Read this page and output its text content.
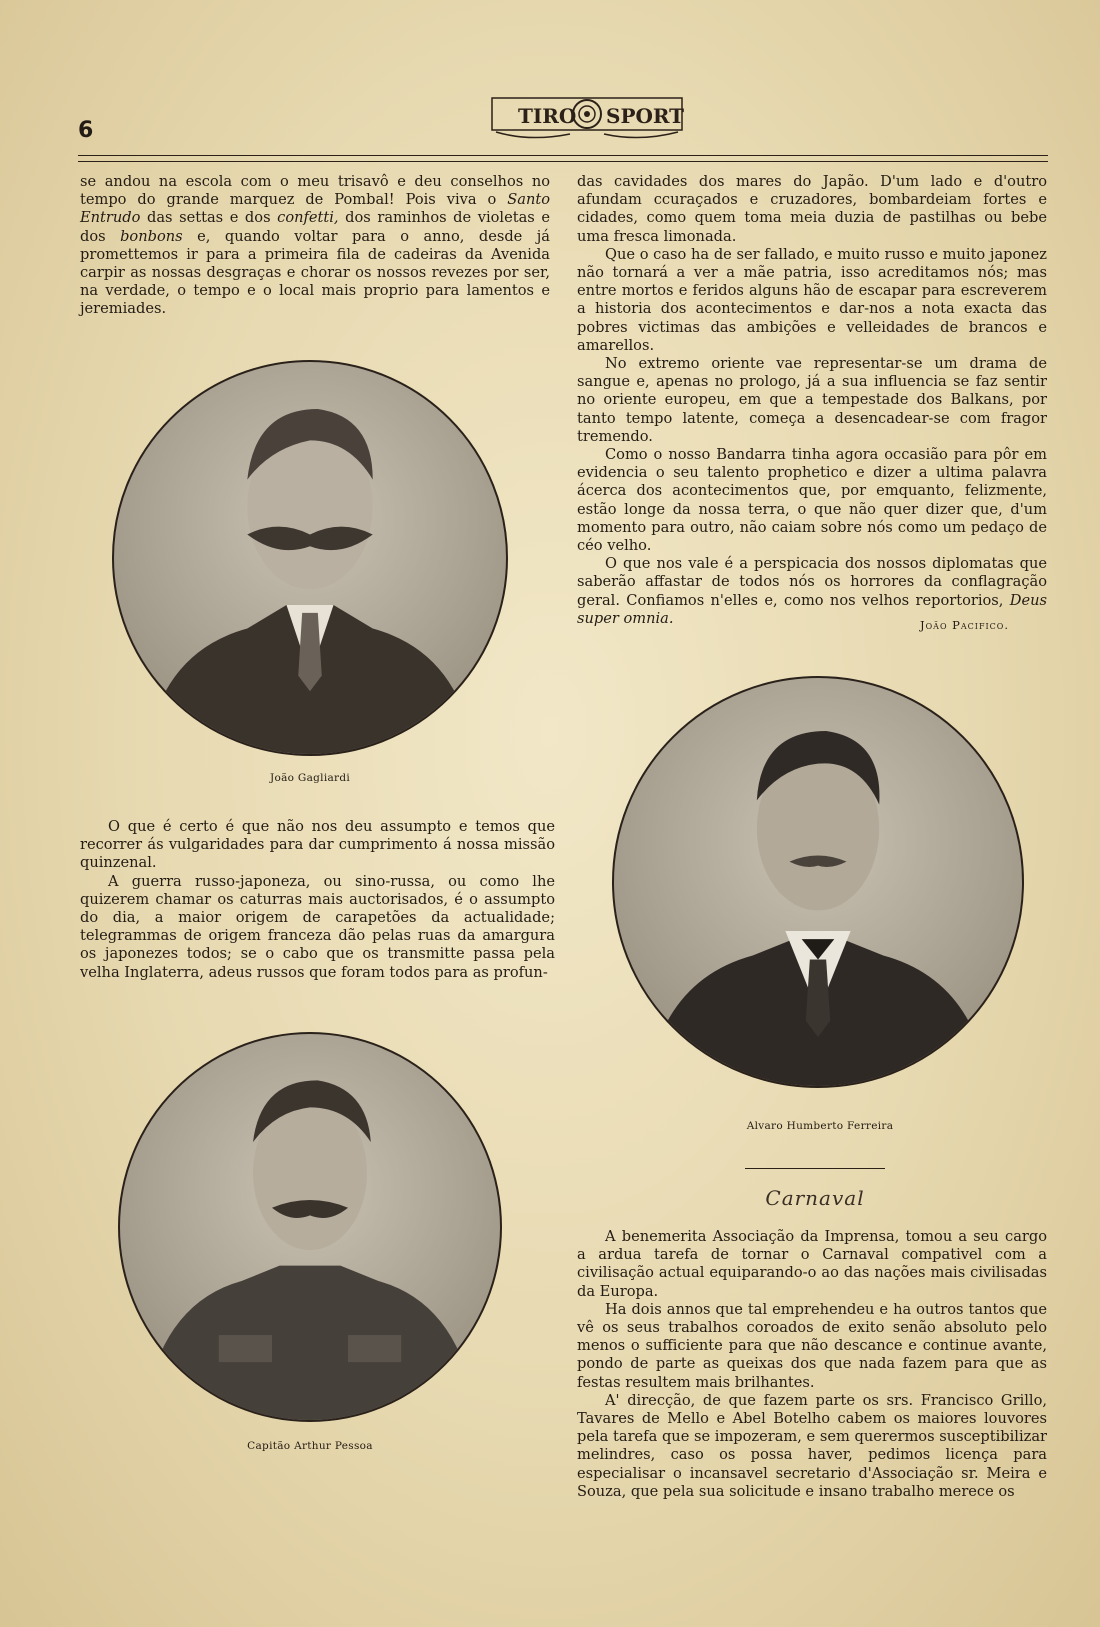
6
TIRO SPORT

se andou na escola com o meu trisavô e deu conselhos no tempo do grande marquez de Pombal! Pois viva o Santo Entrudo das settas e dos confetti, dos raminhos de violetas e dos bonbons e, quando voltar para o anno, desde já promettemos ir para a primeira fila de cadeiras da Avenida carpir as nossas desgraças e chorar os nossos revezes por ser, na verdade, o tempo e o local mais proprio para lamentos e jeremiades.

João Gagliardi

O que é certo é que não nos deu assumpto e temos que recorrer ás vulgaridades para dar cumprimento á nossa missão quinzenal.

A guerra russo-japoneza, ou sino-russa, ou como lhe quizerem chamar os caturras mais auctorisados, é o assumpto do dia, a maior origem de carapetões da actualidade; telegrammas de origem franceza dão pelas ruas da amargura os japonezes todos; se o cabo que os transmitte passa pela velha Inglaterra, adeus russos que foram todos para as profun-

Capitão Arthur Pessoa

das cavidades dos mares do Japão. D'um lado e d'outro afundam ccuraçados e cruzadores, bombardeiam fortes e cidades, como quem toma meia duzia de pastilhas ou bebe uma fresca limonada.

Que o caso ha de ser fallado, e muito russo e muito japonez não tornará a ver a mãe patria, isso acreditamos nós; mas entre mortos e feridos alguns hão de escapar para escreverem a historia dos acontecimentos e dar-nos a nota exacta das pobres victimas das ambições e velleidades de brancos e amarellos.

No extremo oriente vae representar-se um drama de sangue e, apenas no prologo, já a sua influencia se faz sentir no oriente europeu, em que a tempestade dos Balkans, por tanto tempo latente, começa a desencadear-se com fragor tremendo.

Como o nosso Bandarra tinha agora occasião para pôr em evidencia o seu talento prophetico e dizer a ultima palavra ácerca dos acontecimentos que, por emquanto, felizmente, estão longe da nossa terra, o que não quer dizer que, d'um momento para outro, não caiam sobre nós como um pedaço de céo velho.

O que nos vale é a perspicacia dos nossos diplomatas que saberão affastar de todos nós os horrores da conflagração geral. Confiamos n'elles e, como nos velhos reportorios, Deus super omnia.	João Pacifico.
Alvaro Humberto Ferreira
Carnaval

A benemerita Associação da Imprensa, tomou a seu cargo a ardua tarefa de tornar o Carnaval compativel com a civilisação actual equiparando-o ao das nações mais civilisadas da Europa.

Ha dois annos que tal emprehendeu e ha outros tantos que vê os seus trabalhos coroados de exito senão absoluto pelo menos o sufficiente para que não descance e continue avante, pondo de parte as queixas dos que nada fazem para que as festas resultem mais brilhantes.

A' direcção, de que fazem parte os srs. Francisco Grillo, Tavares de Mello e Abel Botelho cabem os maiores louvores pela tarefa que se impozeram, e sem querermos susceptibilizar melindres, caso os possa haver, pedimos licença para especialisar o incansavel secretario d'Associação sr. Meira e Souza, que pela sua solicitude e insano trabalho merece os
